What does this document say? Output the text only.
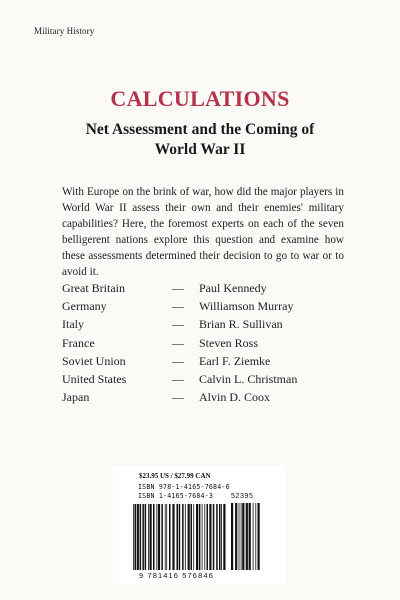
Military History
CALCULATIONS
Net Assessment and the Coming of
World War II
With Europe on the brink of war, how did the major players in World War II assess their own and their enemies' military capabilities? Here, the foremost experts on each of the seven belligerent nations explore this question and examine how these assessments determined their decision to go to war or to avoid it.
Great Britain	—	Paul Kennedy
Germany	—	Williamson Murray
Italy	—	Brian R. Sullivan
France	—	Steven Ross
Soviet Union	—	Earl F. Ziemke
United States	—	Calvin L. Christman
Japan	—	Alvin D. Coox
$23.95 US / $27.99 CAN
ISBN 978-1-4165-7684-6
ISBN 1-4165-7684-3	52395
9 781416 576846
